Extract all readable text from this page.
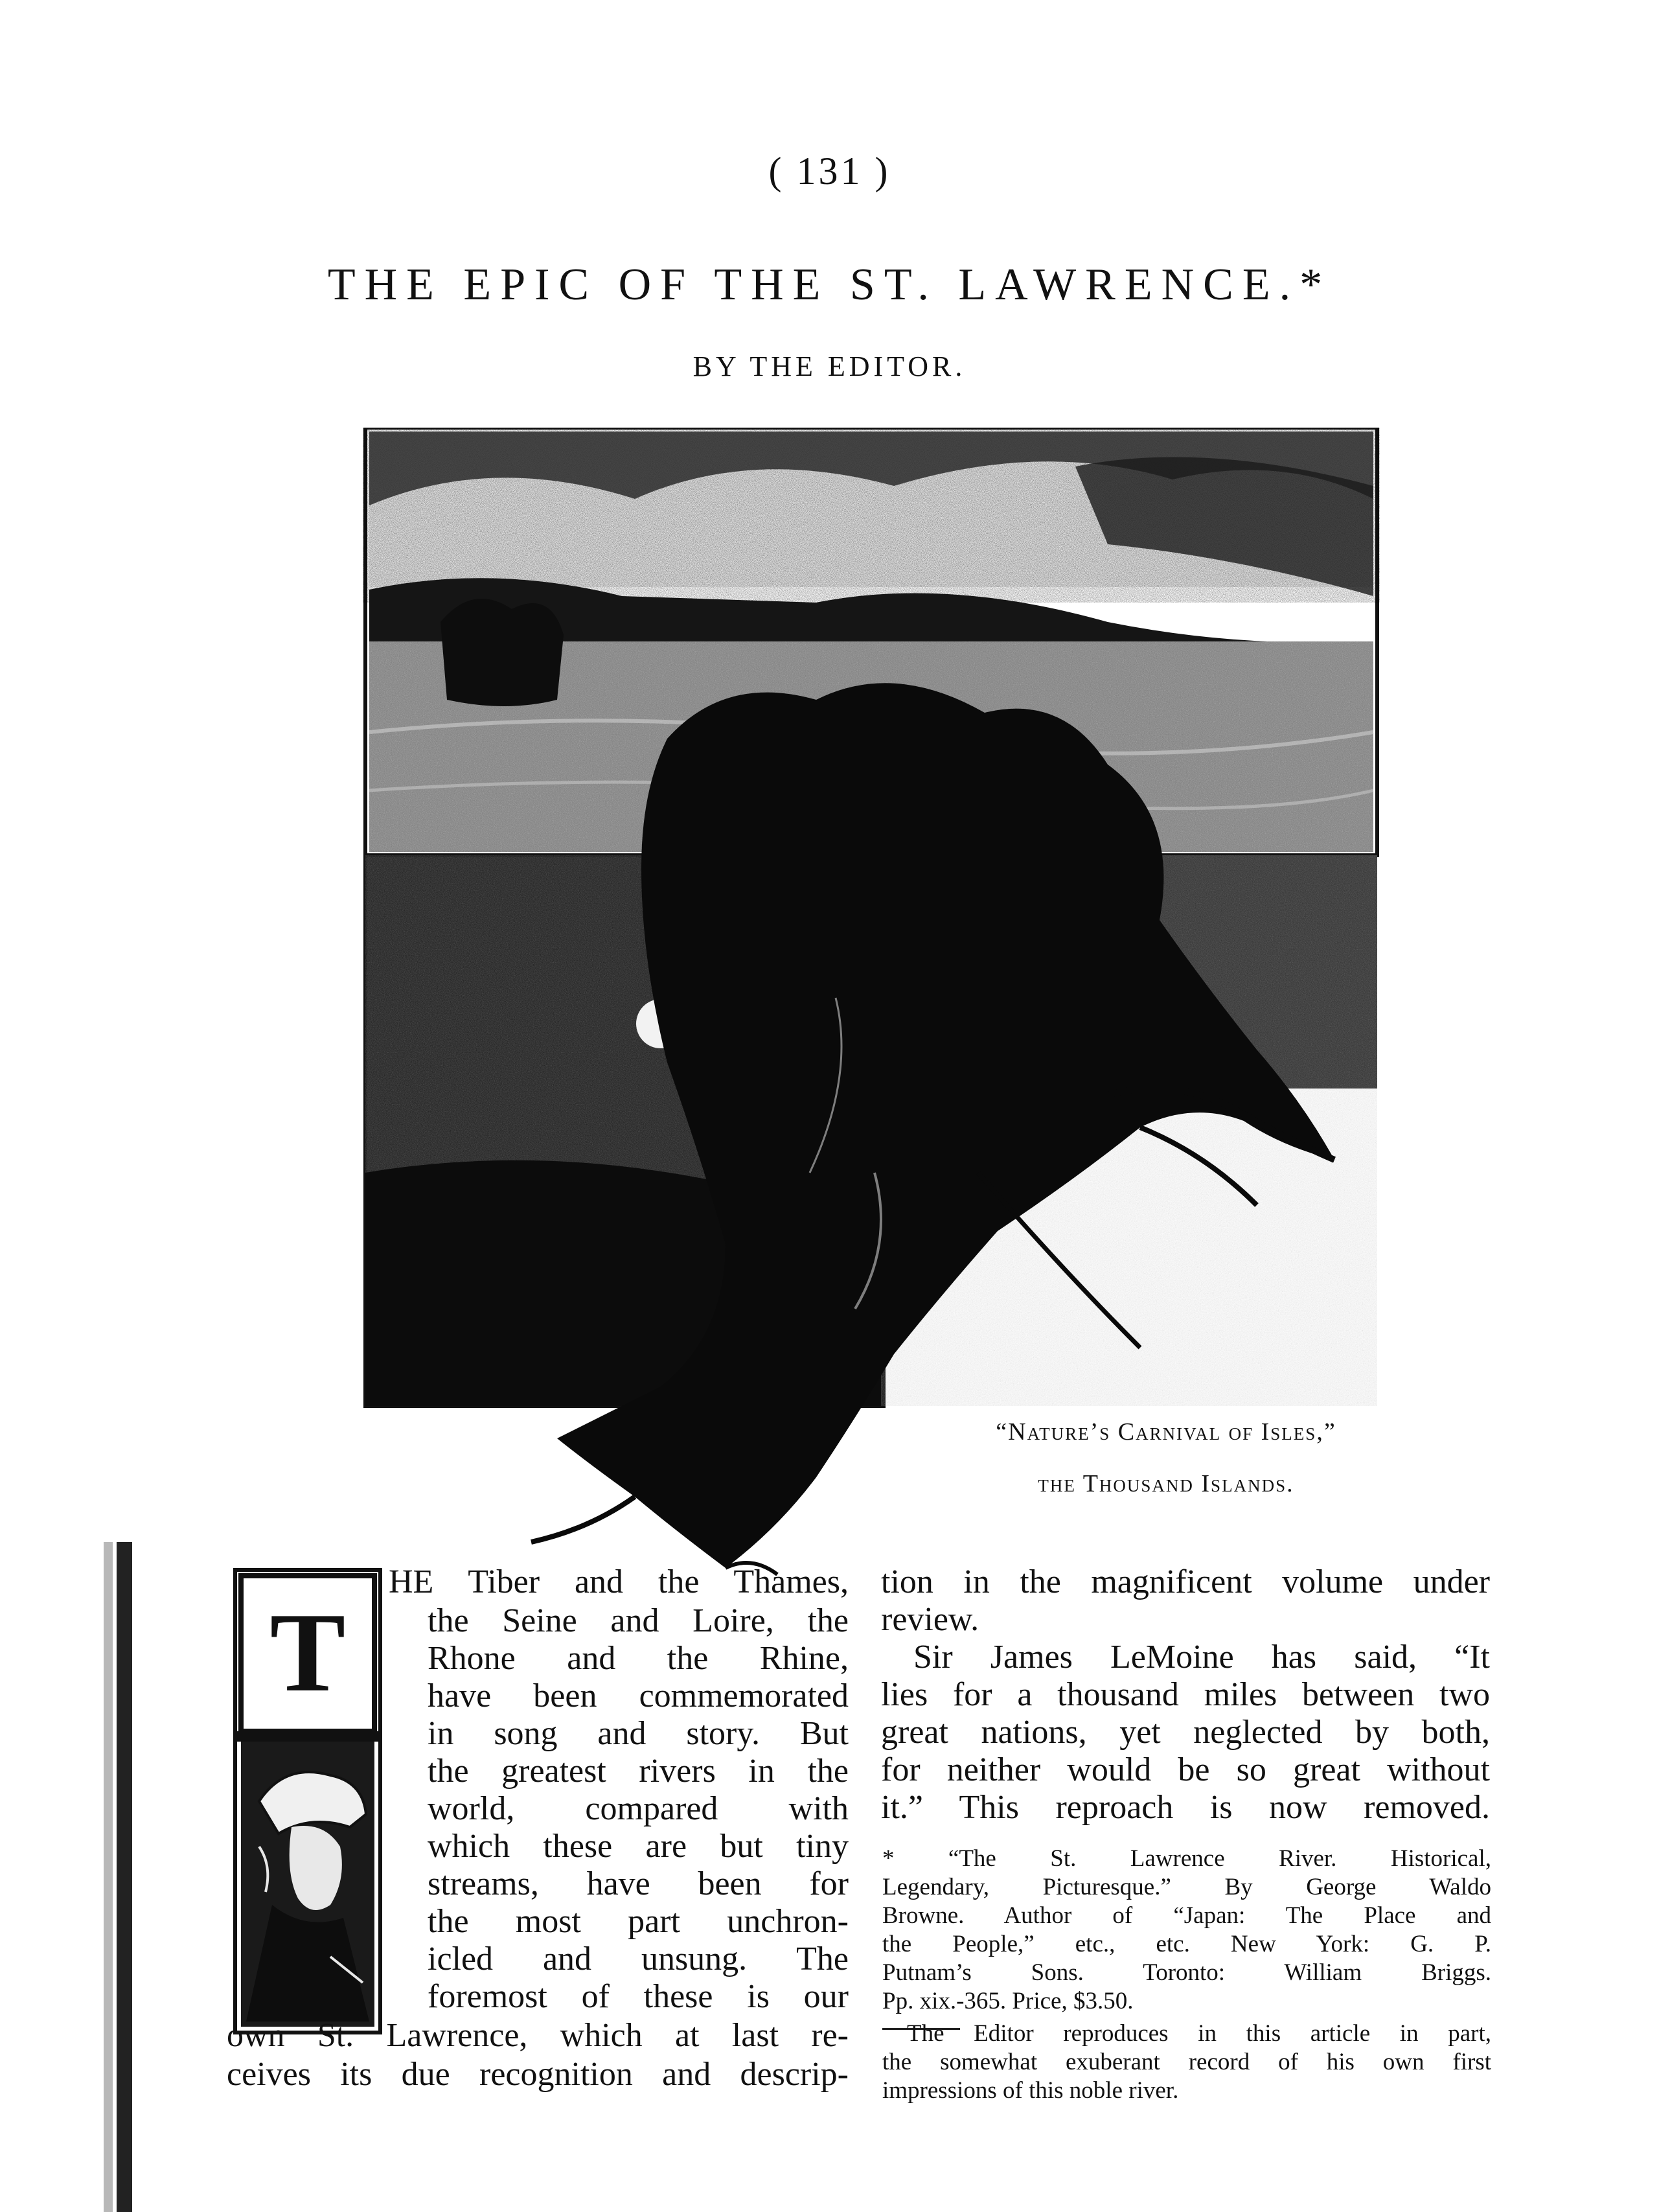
( 131 )
THE EPIC OF THE ST. LAWRENCE.*
BY THE EDITOR.
“Nature’s Carnival of Isles,”
the Thousand Islands.
T
HE Tiber and the Thames,
the Seine and Loire, the
Rhone and the Rhine,
have been commemorated
in song and story. But
the greatest rivers in the
world, compared with
which these are but tiny
streams, have been for
the most part unchron-
icled and unsung. The
foremost of these is our
own St. Lawrence, which at last re-
ceives its due recognition and descrip-
tion in the magnificent volume under
review.
Sir James LeMoine has said, “It
lies for a thousand miles between two
great nations, yet neglected by both,
for neither would be so great without
it.” This reproach is now removed.
* “The St. Lawrence River. Historical,
Legendary, Picturesque.” By George Waldo
Browne. Author of “Japan: The Place and
the People,” etc., etc. New York: G. P.
Putnam’s Sons. Toronto: William Briggs.
Pp. xix.-365. Price, $3.50.
The Editor reproduces in this article in part,
the somewhat exuberant record of his own first
impressions of this noble river.
